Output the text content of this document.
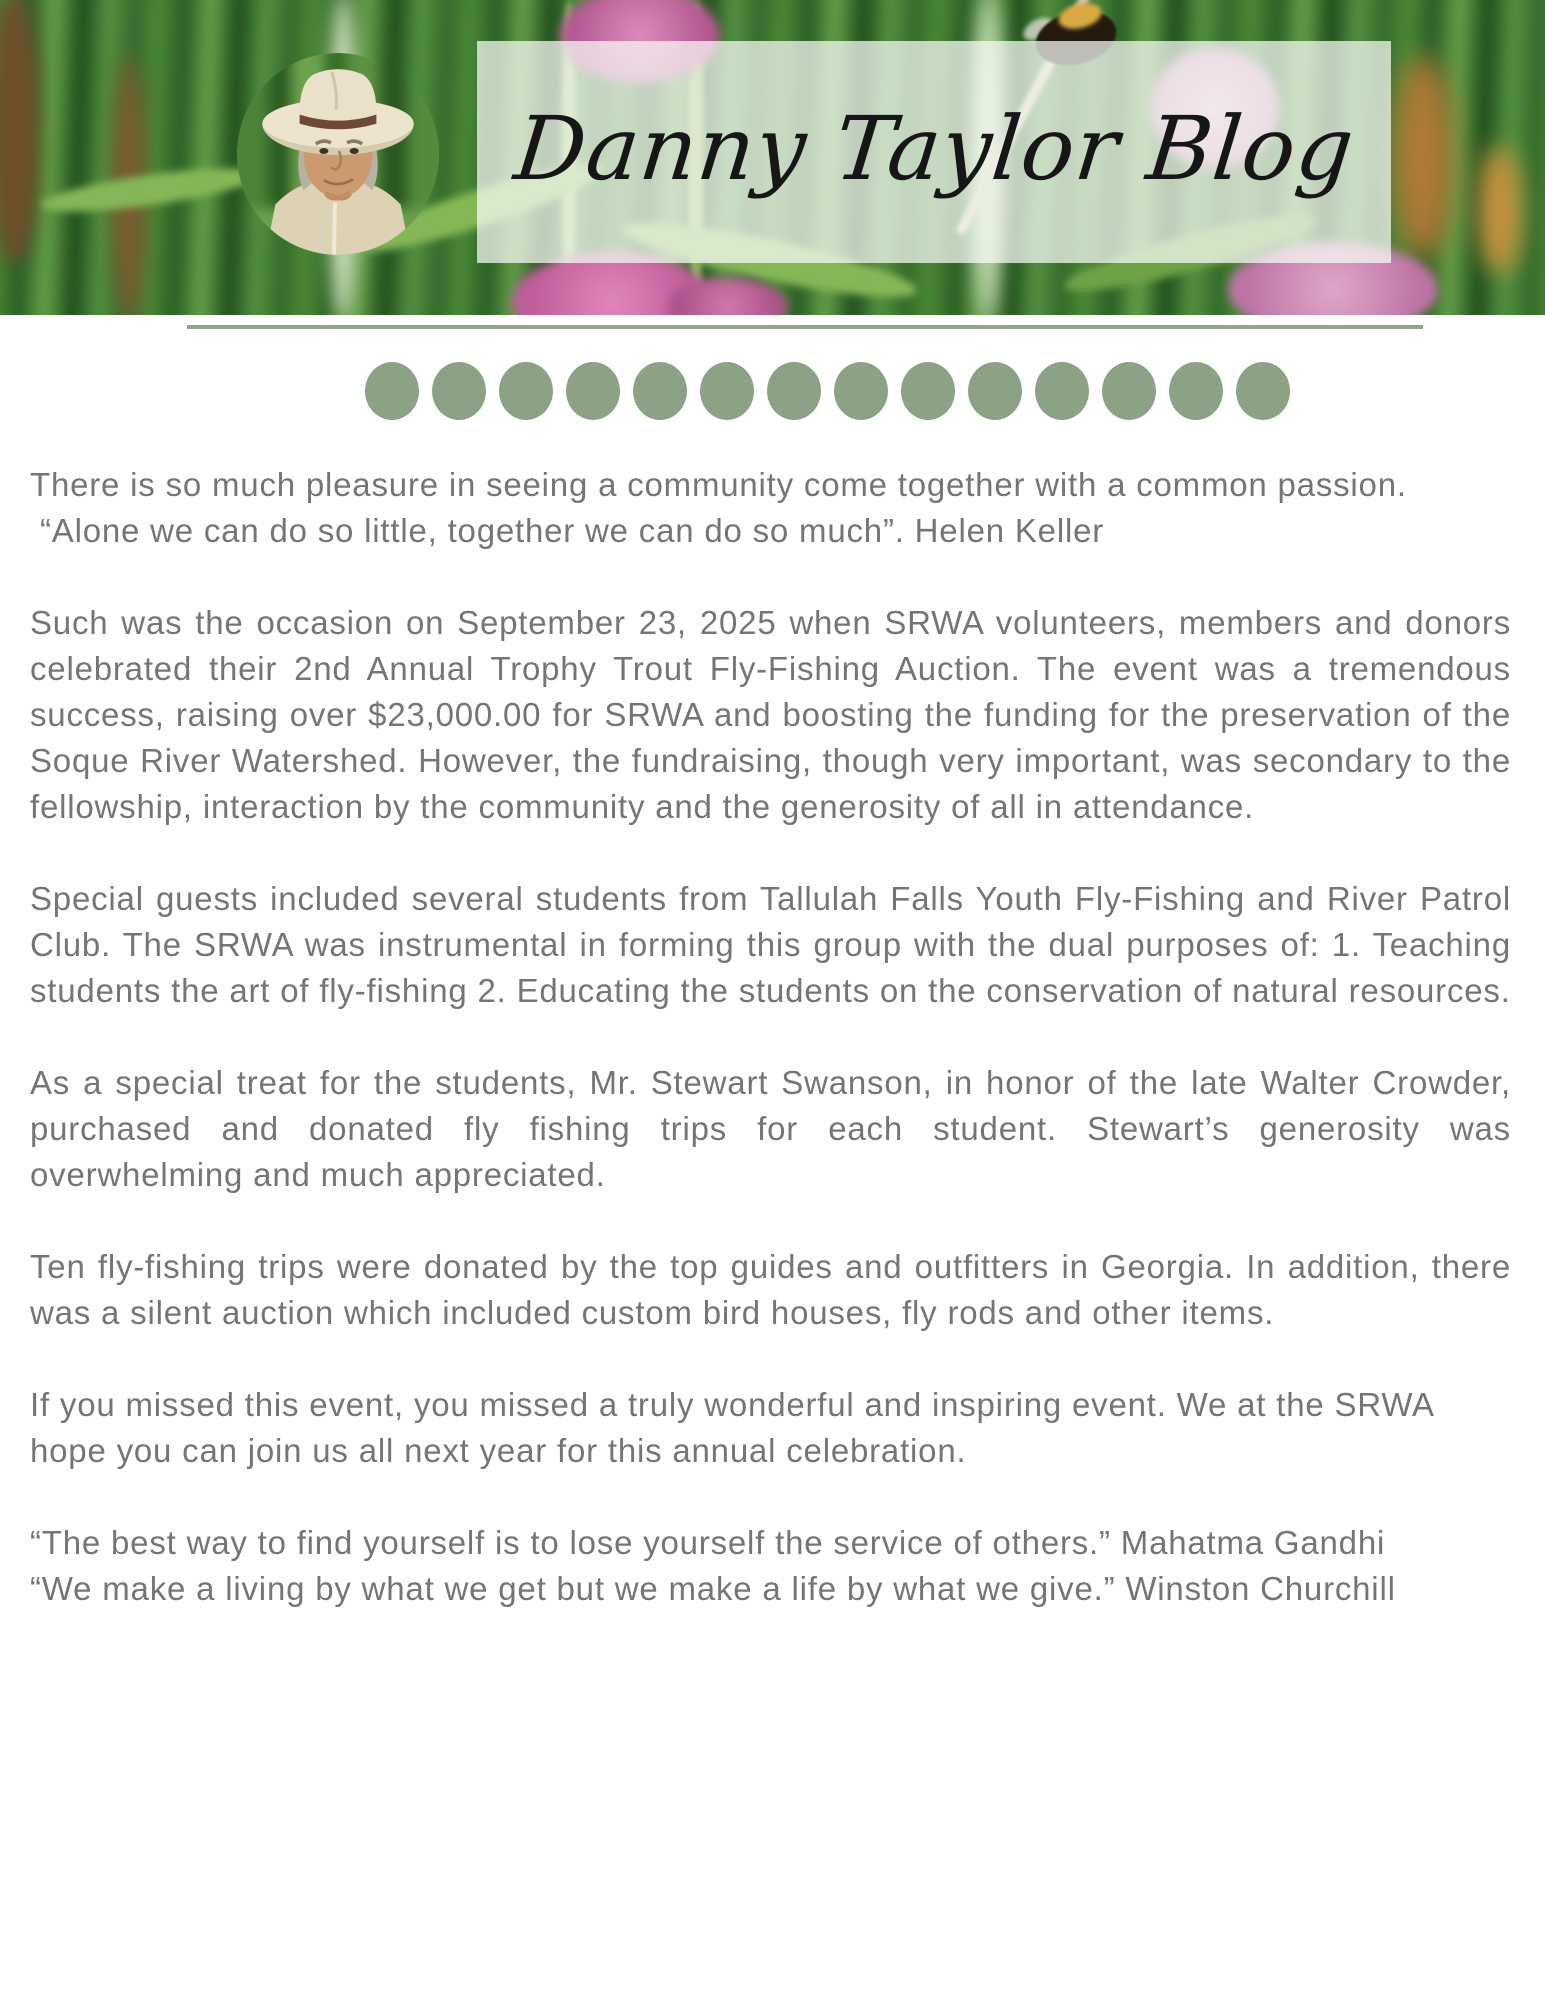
Danny Taylor Blog

There is so much pleasure in seeing a community come together with a common passion.
“Alone we can do so little, together we can do so much”. Helen Keller

Such was the occasion on September 23, 2025 when SRWA volunteers, members and donors celebrated their 2nd Annual Trophy Trout Fly-Fishing Auction. The event was a tremendous success, raising over $23,000.00 for SRWA and boosting the funding for the preservation of the Soque River Watershed. However, the fundraising, though very important, was secondary to the fellowship, interaction by the community and the generosity of all in attendance.

Special guests included several students from Tallulah Falls Youth Fly-Fishing and River Patrol Club. The SRWA was instrumental in forming this group with the dual purposes of: 1. Teaching students the art of fly-fishing 2. Educating the students on the conservation of natural resources.

As a special treat for the students, Mr. Stewart Swanson, in honor of the late Walter Crowder, purchased and donated fly fishing trips for each student. Stewart’s generosity was overwhelming and much appreciated.

Ten fly-fishing trips were donated by the top guides and outfitters in Georgia. In addition, there was a silent auction which included custom bird houses, fly rods and other items.

If you missed this event, you missed a truly wonderful and inspiring event. We at the SRWA hope you can join us all next year for this annual celebration.

“The best way to find yourself is to lose yourself the service of others.” Mahatma Gandhi
“We make a living by what we get but we make a life by what we give.” Winston Churchill
